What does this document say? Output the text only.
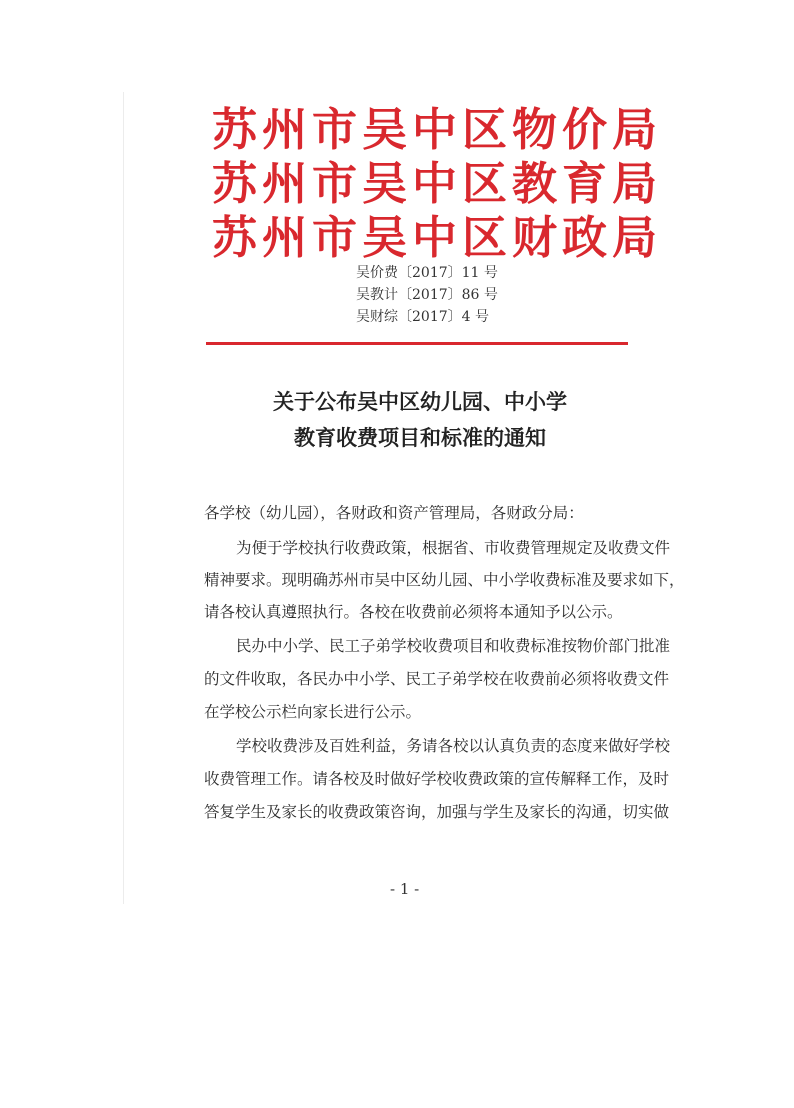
苏州市吴中区物价局
苏州市吴中区教育局
苏州市吴中区财政局
吴价费〔2017〕11 号
吴教计〔2017〕86 号
吴财综〔2017〕4 号
关于公布吴中区幼儿园、中小学
教育收费项目和标准的通知
各学校（幼儿园），各财政和资产管理局，各财政分局：
为便于学校执行收费政策，根据省、市收费管理规定及收费文件
精神要求。现明确苏州市吴中区幼儿园、中小学收费标准及要求如下，
请各校认真遵照执行。各校在收费前必须将本通知予以公示。
民办中小学、民工子弟学校收费项目和收费标准按物价部门批准
的文件收取，各民办中小学、民工子弟学校在收费前必须将收费文件
在学校公示栏向家长进行公示。
学校收费涉及百姓利益，务请各校以认真负责的态度来做好学校
收费管理工作。请各校及时做好学校收费政策的宣传解释工作，及时
答复学生及家长的收费政策咨询，加强与学生及家长的沟通，切实做
- 1 -
